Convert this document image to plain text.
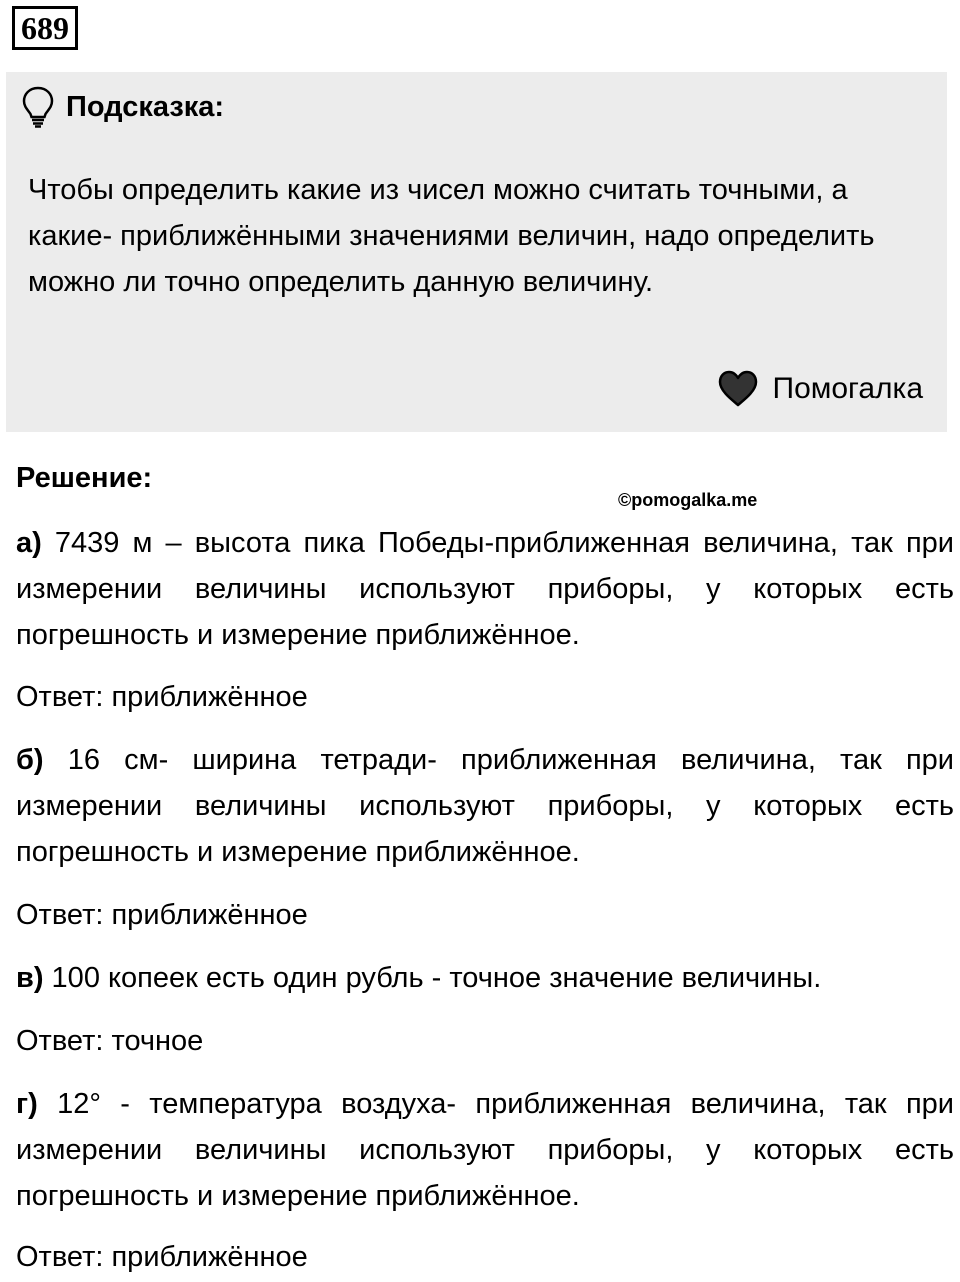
689
Подсказка:
Чтобы определить какие из чисел можно считать точными, а какие- приближёнными значениями величин, надо определить можно ли точно определить данную величину.
Помогалка
Решение:
©pomogalka.me
а) 7439 м – высота пика Победы-приближенная величина, так при измерении величины используют приборы, у которых есть погрешность и измерение приближённое.
Ответ: приближённое
б) 16 см- ширина тетради- приближенная величина, так при измерении величины используют приборы, у которых есть погрешность и измерение приближённое.
Ответ: приближённое
в) 100 копеек есть один рубль - точное значение величины.
Ответ: точное
г) 12° - температура воздуха- приближенная величина, так при измерении величины используют приборы, у которых есть погрешность и измерение приближённое.
Ответ: приближённое
